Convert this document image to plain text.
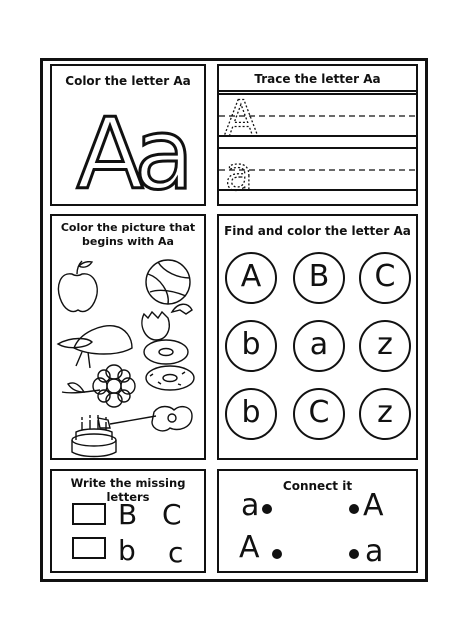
Color the letter Aa
A
a
Trace the letter Aa
A
a
Color the picture that
begins with Aa
Find and color the letter Aa
A	B	C
b	a	z
b	C	z
Write the missing letters
B C
b c
Connect it
a
A
A
a
